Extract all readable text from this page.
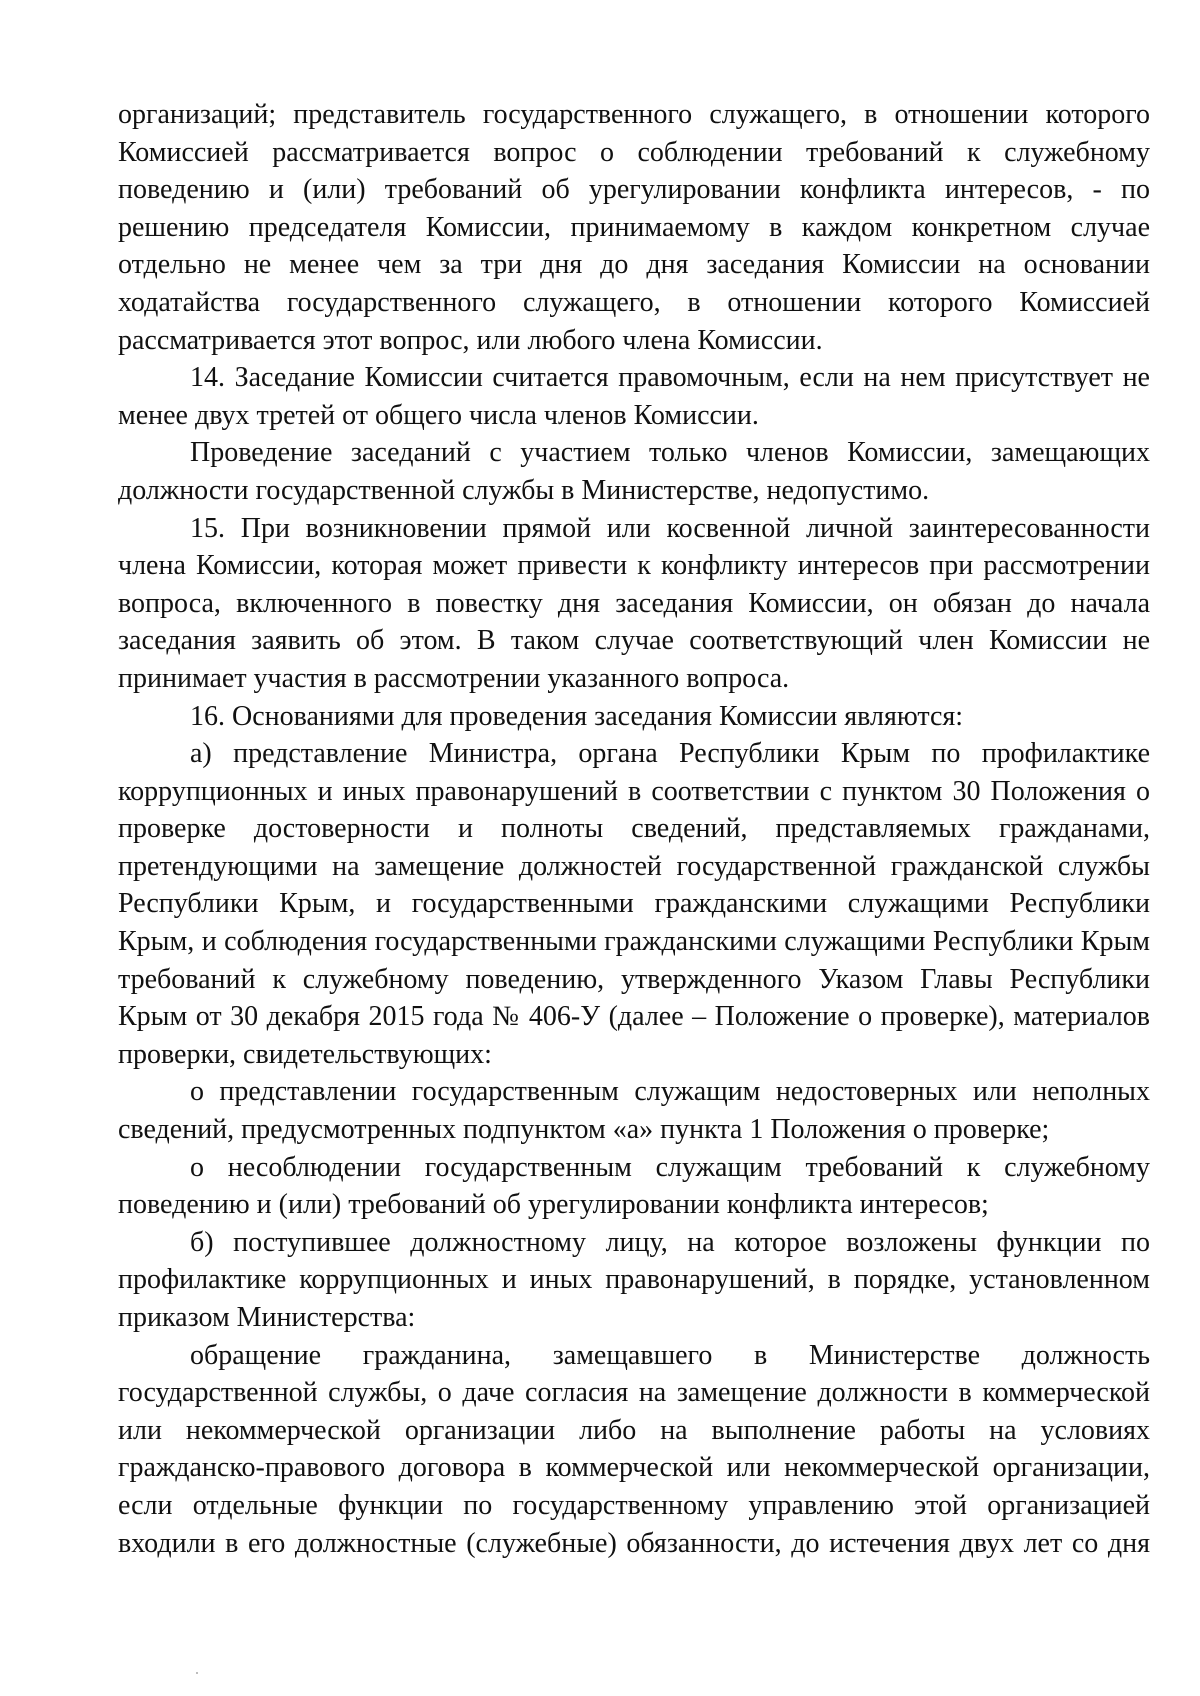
организаций; представитель государственного служащего, в отношении которого Комиссией рассматривается вопрос о соблюдении требований к служебному поведению и (или) требований об урегулировании конфликта интересов, - по решению председателя Комиссии, принимаемому в каждом конкретном случае отдельно не менее чем за три дня до дня заседания Комиссии на основании ходатайства государственного служащего, в отношении которого Комиссией рассматривается этот вопрос, или любого члена Комиссии.

14. Заседание Комиссии считается правомочным, если на нем присутствует не менее двух третей от общего числа членов Комиссии.

Проведение заседаний с участием только членов Комиссии, замещающих должности государственной службы в Министерстве, недопустимо.

15. При возникновении прямой или косвенной личной заинтересованности члена Комиссии, которая может привести к конфликту интересов при рассмотрении вопроса, включенного в повестку дня заседания Комиссии, он обязан до начала заседания заявить об этом. В таком случае соответствующий член Комиссии не принимает участия в рассмотрении указанного вопроса.

16. Основаниями для проведения заседания Комиссии являются:

а) представление Министра, органа Республики Крым по профилактике коррупционных и иных правонарушений в соответствии с пунктом 30 Положения о проверке достоверности и полноты сведений, представляемых гражданами, претендующими на замещение должностей государственной гражданской службы Республики Крым, и государственными гражданскими служащими Республики Крым, и соблюдения государственными гражданскими служащими Республики Крым требований к служебному поведению, утвержденного Указом Главы Республики Крым от 30 декабря 2015 года № 406-У (далее – Положение о проверке), материалов проверки, свидетельствующих:

о представлении государственным служащим недостоверных или неполных сведений, предусмотренных подпунктом «а» пункта 1 Положения о проверке;

о несоблюдении государственным служащим требований к служебному поведению и (или) требований об урегулировании конфликта интересов;

б) поступившее должностному лицу, на которое возложены функции по профилактике коррупционных и иных правонарушений, в порядке, установленном приказом Министерства:

обращение гражданина, замещавшего в Министерстве должность государственной службы, о даче согласия на замещение должности в коммерческой или некоммерческой организации либо на выполнение работы на условиях гражданско-правового договора в коммерческой или некоммерческой организации, если отдельные функции по государственному управлению этой организацией входили в его должностные (служебные) обязанности, до истечения двух лет со дня
